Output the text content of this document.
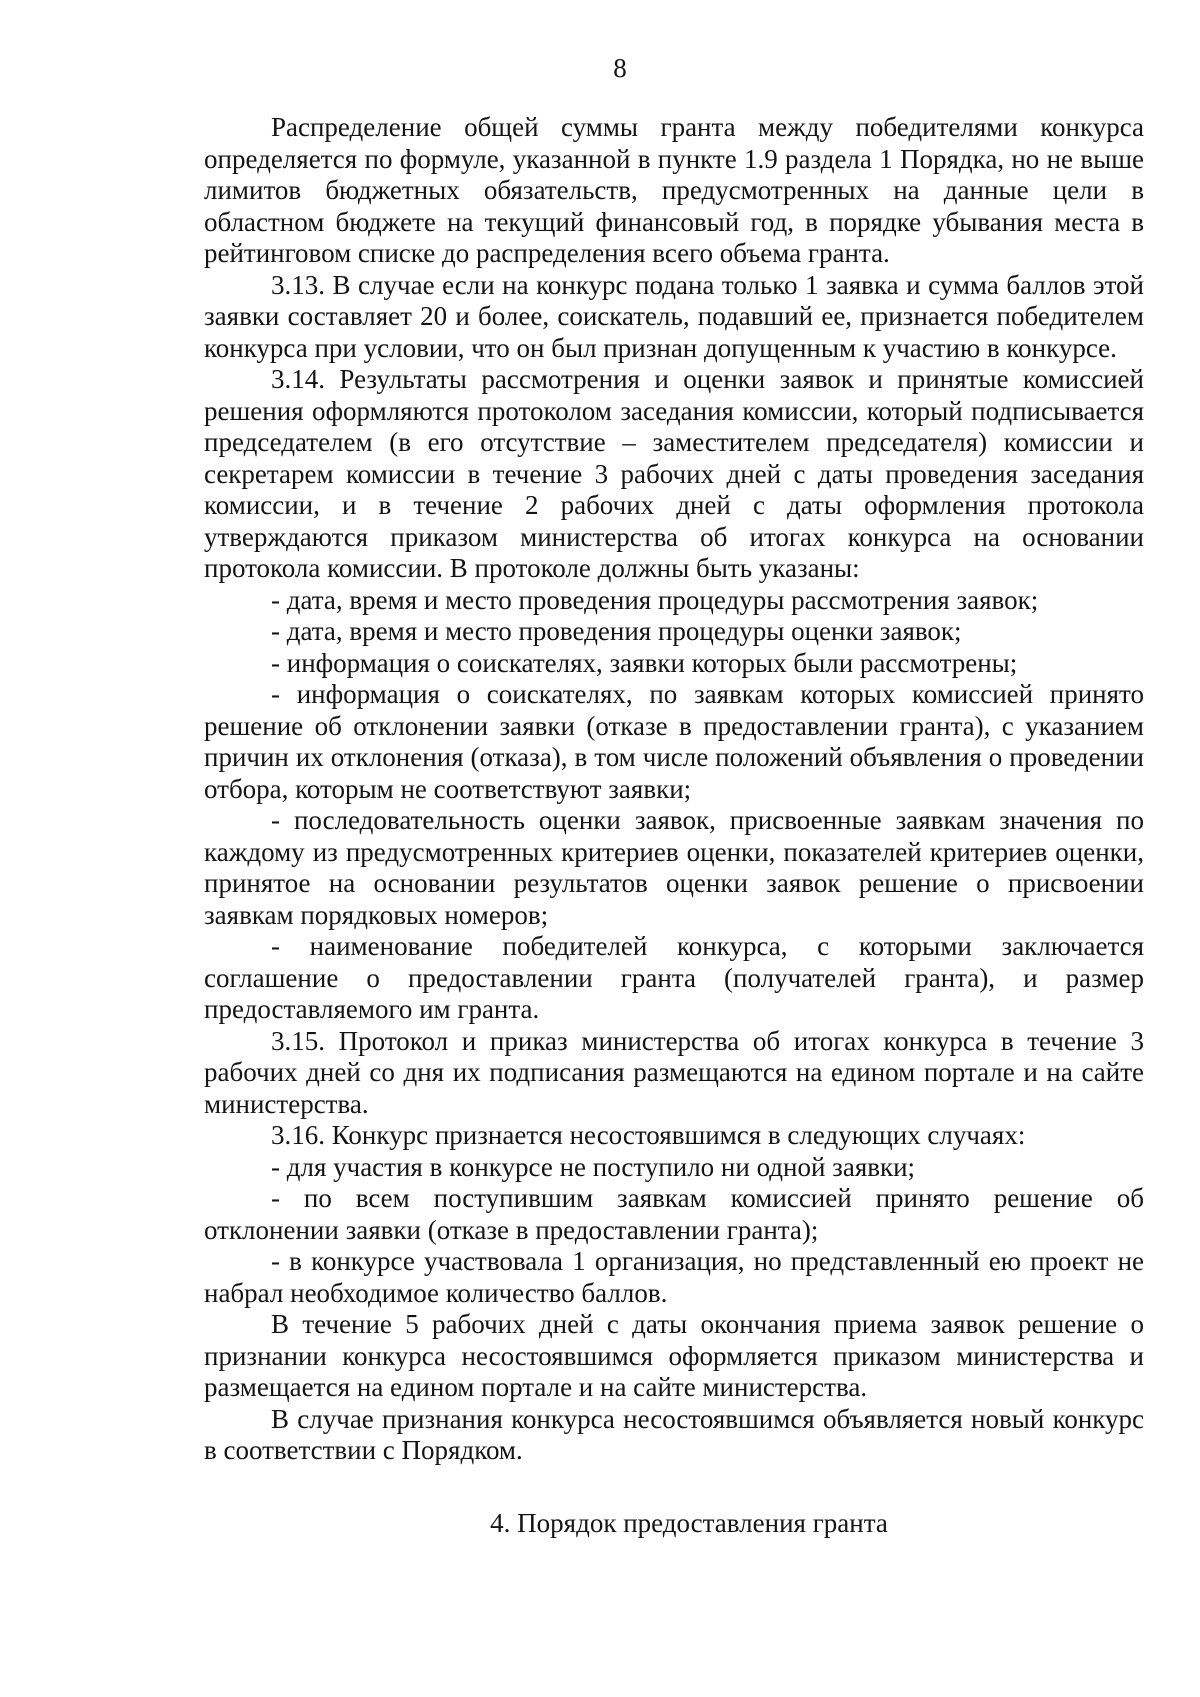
8

Распределение общей суммы гранта между победителями конкурса определяется по формуле, указанной в пункте 1.9 раздела 1 Порядка, но не выше лимитов бюджетных обязательств, предусмотренных на данные цели в областном бюджете на текущий финансовый год, в порядке убывания места в рейтинговом списке до распределения всего объема гранта.

3.13. В случае если на конкурс подана только 1 заявка и сумма баллов этой заявки составляет 20 и более, соискатель, подавший ее, признается победителем конкурса при условии, что он был признан допущенным к участию в конкурсе.

3.14. Результаты рассмотрения и оценки заявок и принятые комиссией решения оформляются протоколом заседания комиссии, который подписывается председателем (в его отсутствие – заместителем председателя) комиссии и секретарем комиссии в течение 3 рабочих дней с даты проведения заседания комиссии, и в течение 2 рабочих дней с даты оформления протокола утверждаются приказом министерства об итогах конкурса на основании протокола комиссии. В протоколе должны быть указаны:

- дата, время и место проведения процедуры рассмотрения заявок;

- дата, время и место проведения процедуры оценки заявок;

- информация о соискателях, заявки которых были рассмотрены;

- информация о соискателях, по заявкам которых комиссией принято решение об отклонении заявки (отказе в предоставлении гранта), с указанием причин их отклонения (отказа), в том числе положений объявления о проведении отбора, которым не соответствуют заявки;

- последовательность оценки заявок, присвоенные заявкам значения по каждому из предусмотренных критериев оценки, показателей критериев оценки, принятое на основании результатов оценки заявок решение о присвоении заявкам порядковых номеров;

- наименование победителей конкурса, с которыми заключается соглашение о предоставлении гранта (получателей гранта), и размер предоставляемого им гранта.

3.15. Протокол и приказ министерства об итогах конкурса в течение 3 рабочих дней со дня их подписания размещаются на едином портале и на сайте министерства.

3.16. Конкурс признается несостоявшимся в следующих случаях:

- для участия в конкурсе не поступило ни одной заявки;

- по всем поступившим заявкам комиссией принято решение об отклонении заявки (отказе в предоставлении гранта);

- в конкурсе участвовала 1 организация, но представленный ею проект не набрал необходимое количество баллов.

В течение 5 рабочих дней с даты окончания приема заявок решение о признании конкурса несостоявшимся оформляется приказом министерства и размещается на едином портале и на сайте министерства.

В случае признания конкурса несостоявшимся объявляется новый конкурс в соответствии с Порядком.

4. Порядок предоставления гранта
